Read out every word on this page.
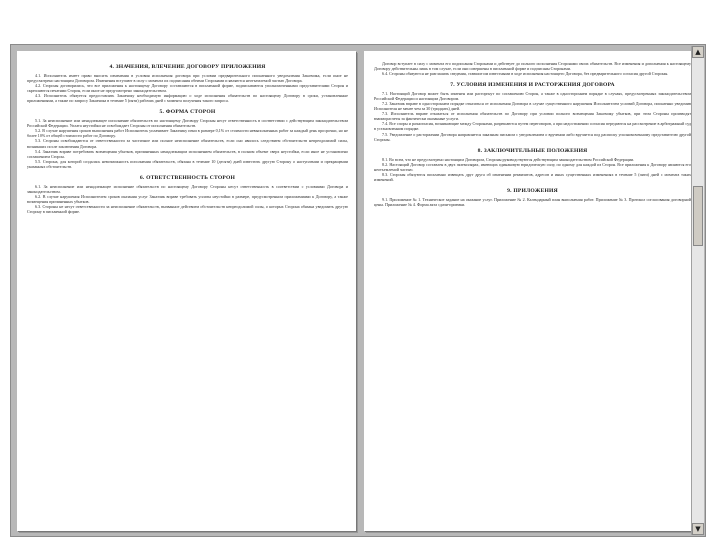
4. ЗНАЧЕНИЯ, ВЛЕЧЕНИЕ ДОГОВОРУ ПРИЛОЖЕНИЯ

4.1. Исполнитель имеет право вносить изменения в условия исполнения договора при условии предварительного письменного уведомления Заказчика, если иное не предусмотрено настоящим Договором. Изменения вступают в силу с момента их подписания обеими Сторонами и являются неотъемлемой частью Договора.

4.2. Стороны договорились, что все приложения к настоящему Договору составляются в письменной форме, подписываются уполномоченными представителями Сторон и скрепляются печатями Сторон, если иное не предусмотрено законодательством.

4.3. Исполнитель обязуется предоставлять Заказчику необходимую информацию о ходе исполнения обязательств по настоящему Договору в сроки, установленные приложениями, а также по запросу Заказчика в течение 5 (пяти) рабочих дней с момента получения такого запроса.

5. ФОРМА СТОРОН

5.1. За неисполнение или ненадлежащее исполнение обязательств по настоящему Договору Стороны несут ответственность в соответствии с действующим законодательством Российской Федерации. Уплата неустойки не освобождает Стороны от исполнения обязательств.

5.2. В случае нарушения сроков выполнения работ Исполнитель уплачивает Заказчику пени в размере 0,1% от стоимости невыполненных работ за каждый день просрочки, но не более 10% от общей стоимости работ по Договору.

5.3. Стороны освобождаются от ответственности за частичное или полное неисполнение обязательств, если оно явилось следствием обстоятельств непреодолимой силы, возникших после заключения Договора.

5.4. Заказчик вправе потребовать возмещения убытков, причиненных ненадлежащим исполнением обязательств, в полном объеме сверх неустойки, если иное не установлено соглашением Сторон.

5.5. Сторона, для которой создалась невозможность исполнения обязательств, обязана в течение 10 (десяти) дней известить другую Сторону о наступлении и прекращении указанных обстоятельств.

6. ОТВЕТСТВЕННОСТЬ СТОРОН

6.1. За неисполнение или ненадлежащее исполнение обязательств по настоящему Договору Стороны несут ответственность в соответствии с условиями Договора и законодательством.

6.2. В случае нарушения Исполнителем сроков оказания услуг Заказчик вправе требовать уплаты неустойки в размере, предусмотренном приложениями к Договору, а также возмещения причиненных убытков.

6.3. Стороны не несут ответственности за неисполнение обязательств, вызванное действием обстоятельств непреодолимой силы, о которых Сторона обязана уведомить другую Сторону в письменной форме.

Договор вступает в силу с момента его подписания Сторонами и действует до полного исполнения Сторонами своих обязательств. Все изменения и дополнения к настоящему Договору действительны лишь в том случае, если они совершены в письменной форме и подписаны Сторонами.

6.4. Стороны обязуются не разглашать сведения, ставшие им известными в ходе исполнения настоящего Договора, без предварительного согласия другой Стороны.

7. УСЛОВИЯ ИЗМЕНЕНИЯ И РАСТОРЖЕНИЯ ДОГОВОРА

7.1. Настоящий Договор может быть изменен или расторгнут по соглашению Сторон, а также в одностороннем порядке в случаях, предусмотренных законодательством Российской Федерации и настоящим Договором.

7.2. Заказчик вправе в одностороннем порядке отказаться от исполнения Договора в случае существенного нарушения Исполнителем условий Договора, письменно уведомив Исполнителя не менее чем за 30 (тридцать) дней.

7.3. Исполнитель вправе отказаться от исполнения обязательств по Договору при условии полного возмещения Заказчику убытков, при этом Стороны производят взаиморасчеты за фактически оказанные услуги.

7.4. Все споры и разногласия, возникающие между Сторонами, разрешаются путем переговоров, а при недостижении согласия передаются на рассмотрение в арбитражный суд в установленном порядке.

7.5. Уведомление о расторжении Договора направляется заказным письмом с уведомлением о вручении либо вручается под расписку уполномоченному представителю другой Стороны.

8. ЗАКЛЮЧИТЕЛЬНЫЕ ПОЛОЖЕНИЯ

8.1. Во всем, что не предусмотрено настоящим Договором, Стороны руководствуются действующим законодательством Российской Федерации.

8.2. Настоящий Договор составлен в двух экземплярах, имеющих одинаковую юридическую силу, по одному для каждой из Сторон. Все приложения к Договору являются его неотъемлемой частью.

8.3. Стороны обязуются письменно извещать друг друга об изменении реквизитов, адресов и иных существенных изменениях в течение 5 (пяти) дней с момента таких изменений.

9. ПРИЛОЖЕНИЯ

9.1. Приложение № 1. Техническое задание на оказание услуг. Приложение № 2. Календарный план выполнения работ. Приложение № 3. Протокол согласования договорной цены. Приложение № 4. Форма акта сдачи-приемки.

▲
▼
